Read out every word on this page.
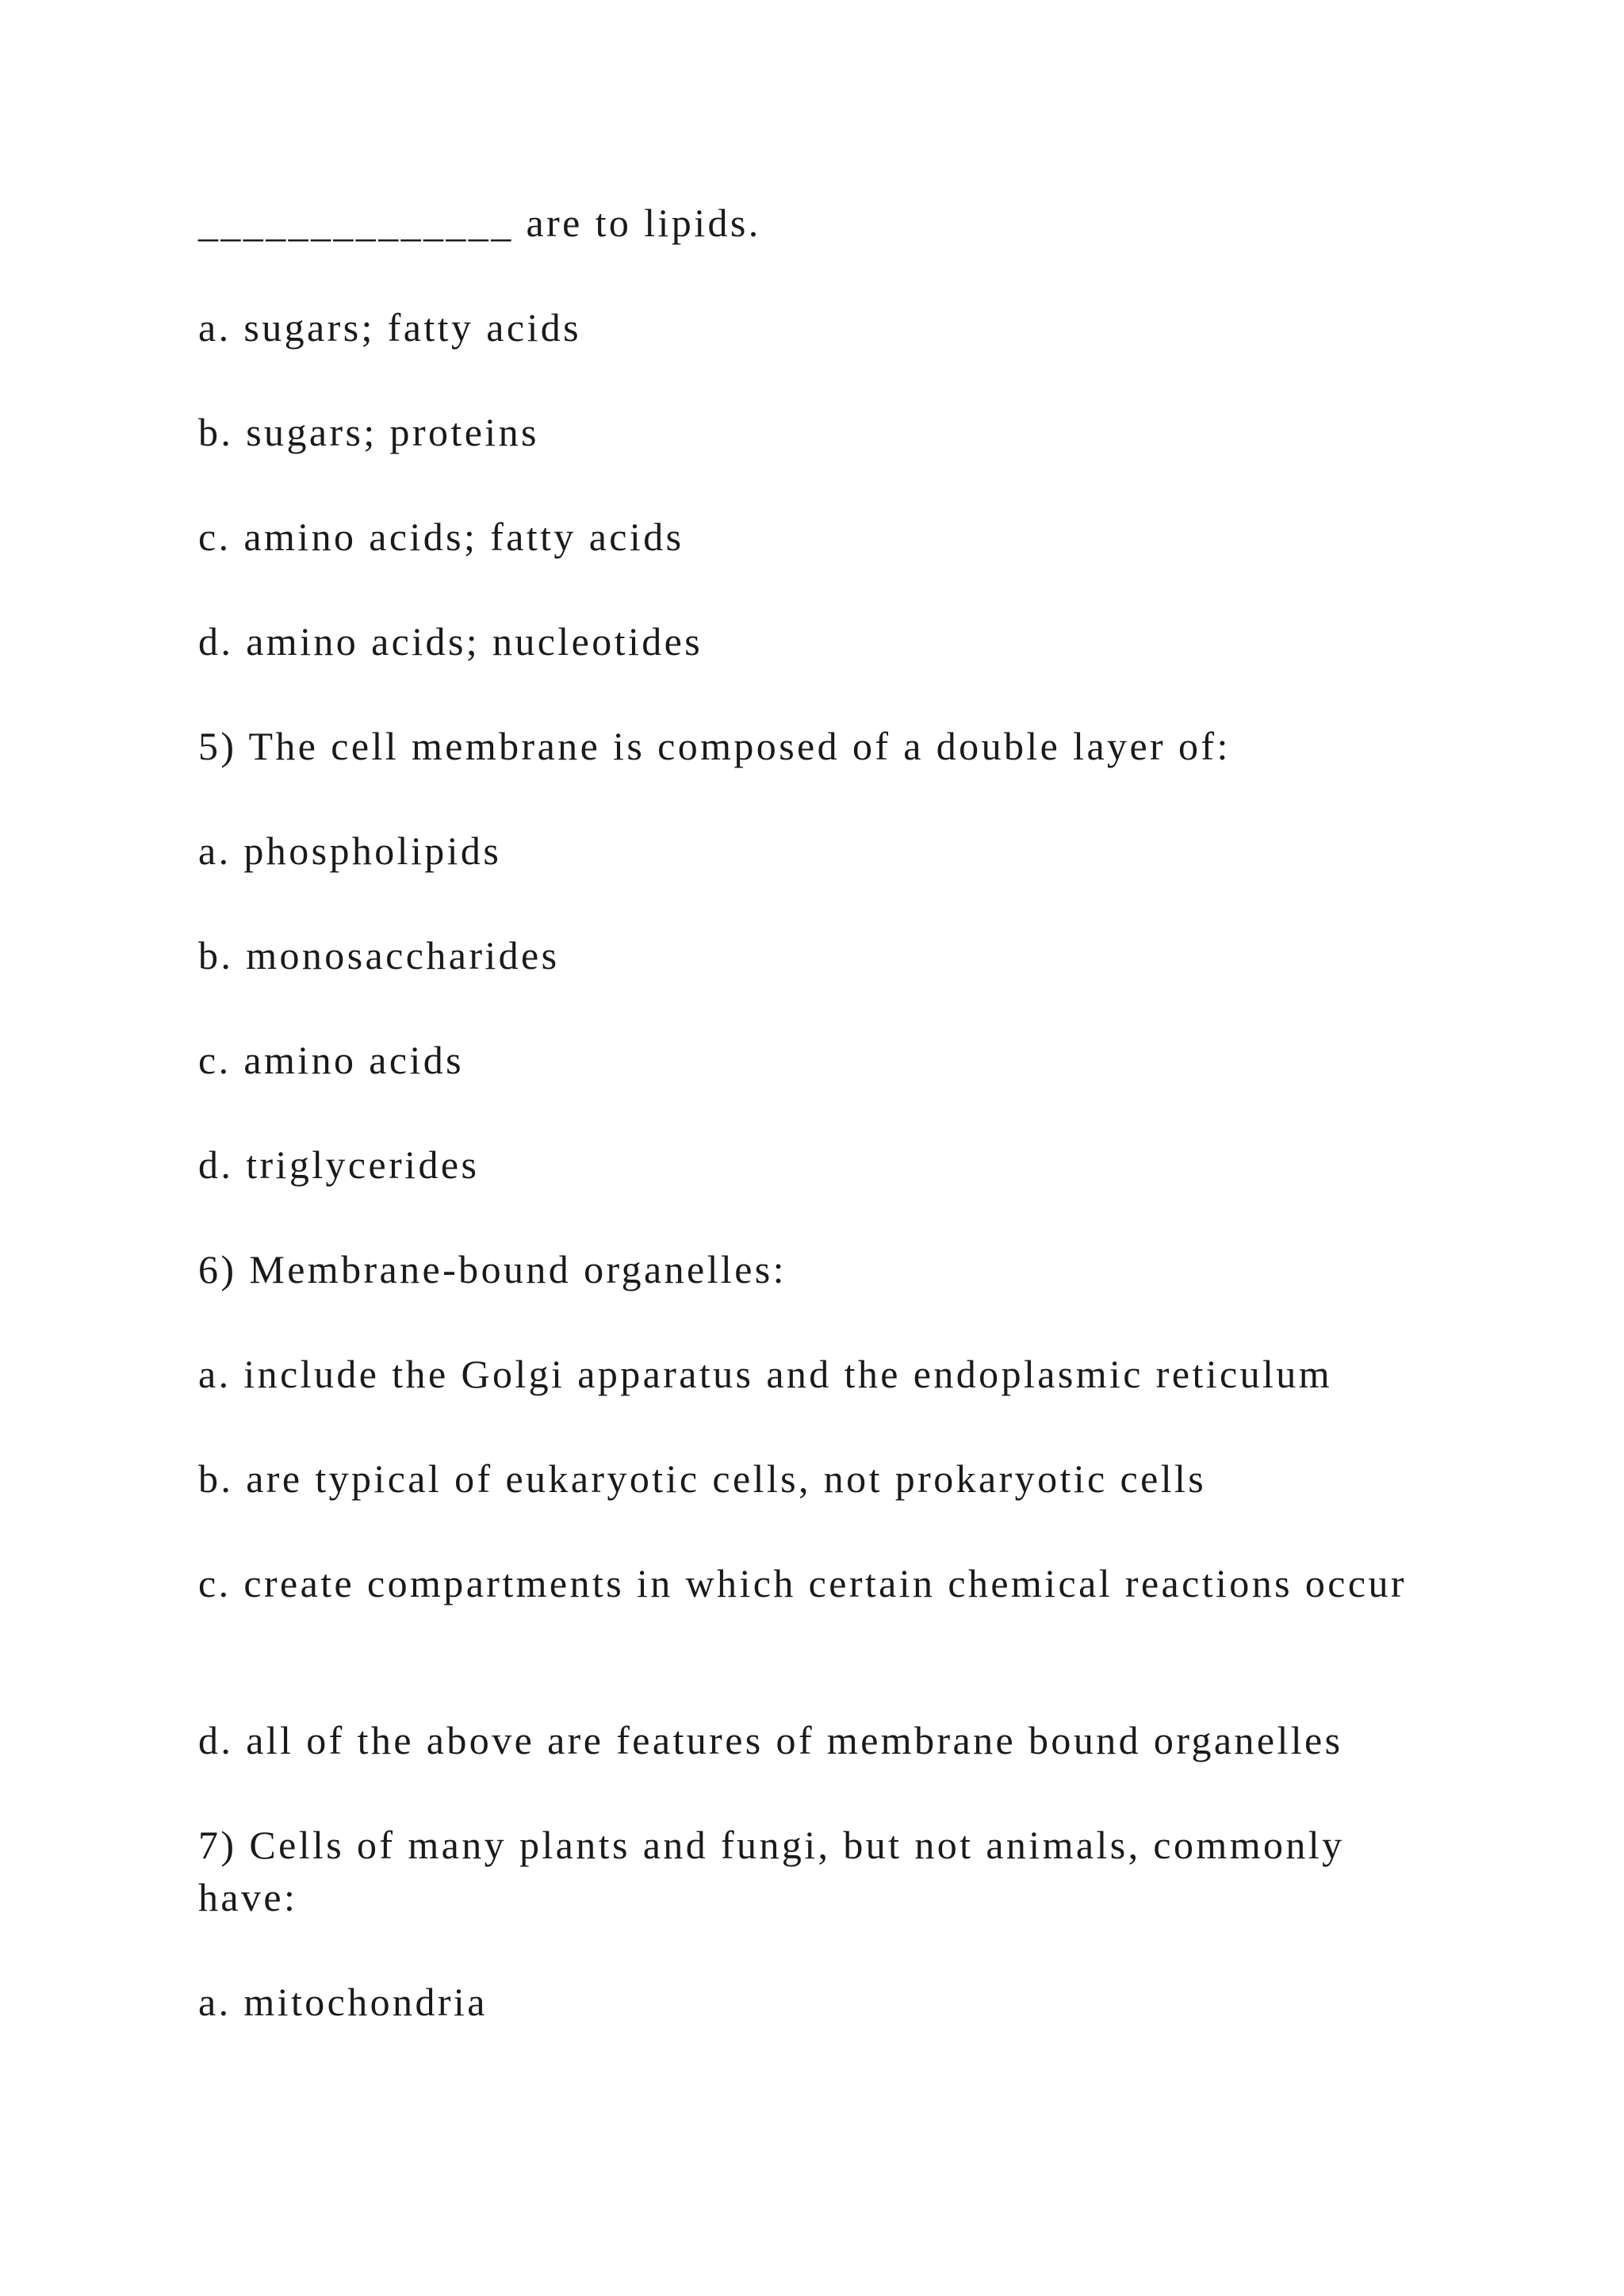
______________ are to lipids.

a. sugars; fatty acids

b. sugars; proteins

c. amino acids; fatty acids

d. amino acids; nucleotides

5) The cell membrane is composed of a double layer of:

a. phospholipids

b. monosaccharides

c. amino acids

d. triglycerides

6) Membrane-bound organelles:

a. include the Golgi apparatus and the endoplasmic reticulum

b. are typical of eukaryotic cells, not prokaryotic cells

c. create compartments in which certain chemical reactions occur

d. all of the above are features of membrane bound organelles

7) Cells of many plants and fungi, but not animals, commonly have:

a. mitochondria
